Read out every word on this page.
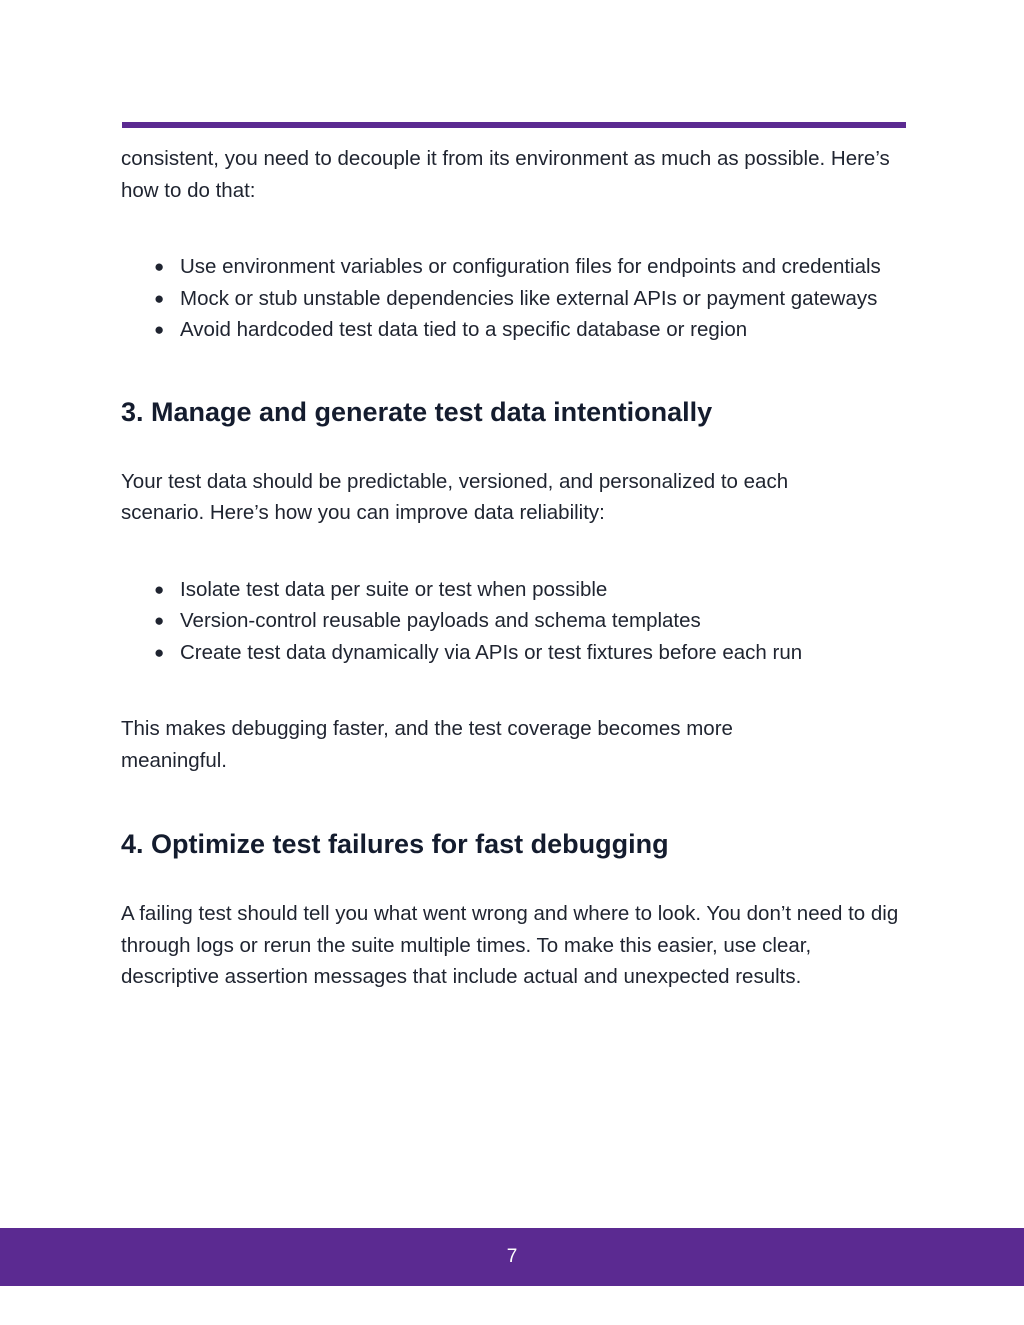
consistent, you need to decouple it from its environment as much as possible. Here’s how to do that:

● Use environment variables or configuration files for endpoints and credentials
● Mock or stub unstable dependencies like external APIs or payment gateways
● Avoid hardcoded test data tied to a specific database or region
3. Manage and generate test data intentionally

Your test data should be predictable, versioned, and personalized to each scenario. Here’s how you can improve data reliability:

● Isolate test data per suite or test when possible
● Version-control reusable payloads and schema templates
● Create test data dynamically via APIs or test fixtures before each run

This makes debugging faster, and the test coverage becomes more meaningful.

4. Optimize test failures for fast debugging

A failing test should tell you what went wrong and where to look. You don’t need to dig through logs or rerun the suite multiple times. To make this easier, use clear, descriptive assertion messages that include actual and unexpected results.

7
